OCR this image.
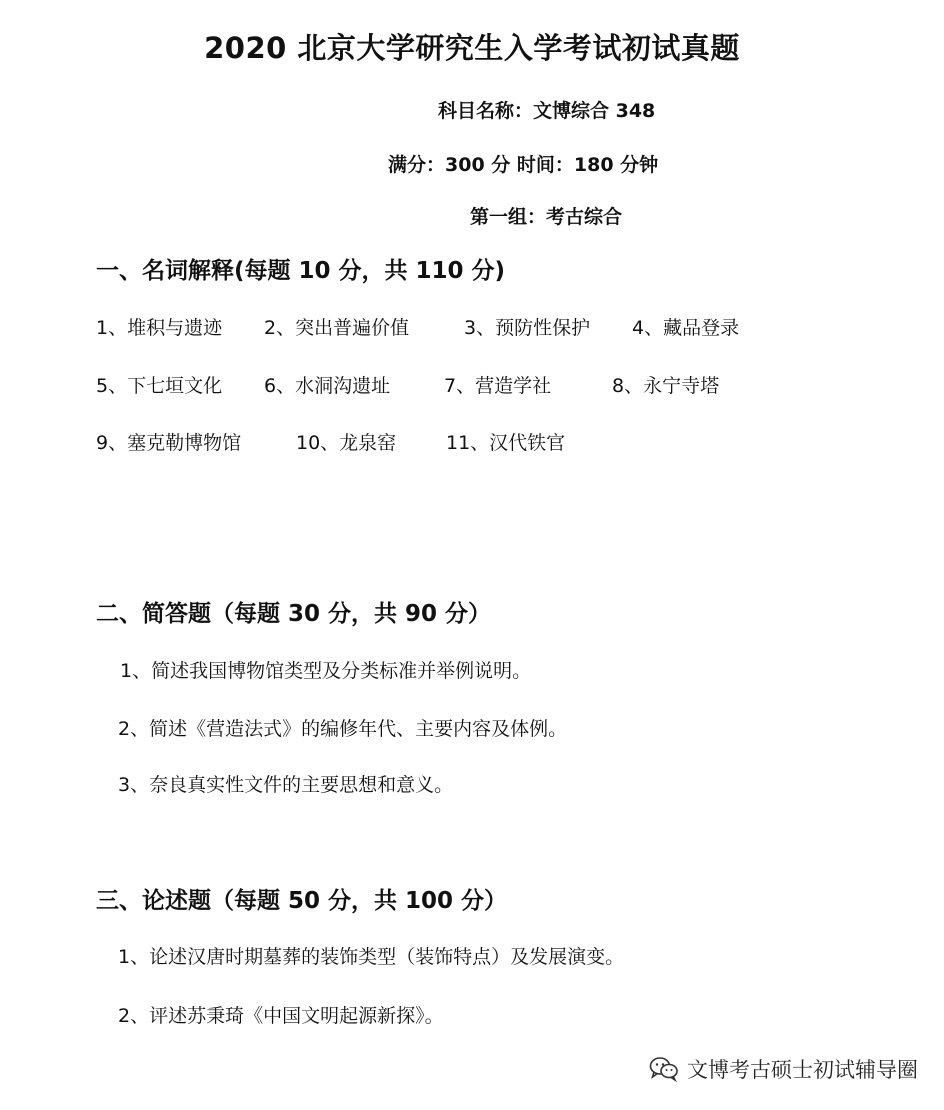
2020 北京大学研究生入学考试初试真题
科目名称：文博综合 348
满分：300 分 时间：180 分钟
第一组：考古综合
一、名词解释(每题 10 分，共 110 分)
1、堆积与遗迹 2、突出普遍价值	3、预防性保护 4、藏品登录
5、下七垣文化 6、水洞沟遗址	7、营造学社	8、永宁寺塔
9、塞克勒博物馆	10、龙泉窑	11、汉代铁官
二、简答题（每题 30 分，共 90 分）
1、简述我国博物馆类型及分类标准并举例说明。
2、简述《营造法式》的编修年代、主要内容及体例。
3、奈良真实性文件的主要思想和意义。
三、论述题（每题 50 分，共 100 分）
1、论述汉唐时期墓葬的装饰类型（装饰特点）及发展演变。
2、评述苏秉琦《中国文明起源新探》。
文博考古硕士初试辅导圈
